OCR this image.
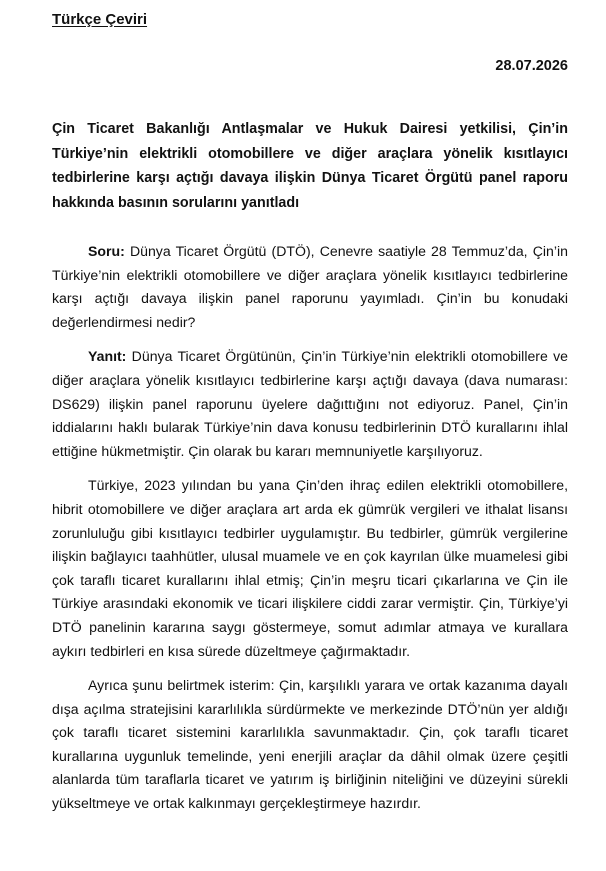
Türkçe Çeviri
28.07.2026
Çin Ticaret Bakanlığı Antlaşmalar ve Hukuk Dairesi yetkilisi, Çin’in Türkiye’nin elektrikli otomobillere ve diğer araçlara yönelik kısıtlayıcı tedbirlerine karşı açtığı davaya ilişkin Dünya Ticaret Örgütü panel raporu hakkında basının sorularını yanıtladı

Soru: Dünya Ticaret Örgütü (DTÖ), Cenevre saatiyle 28 Temmuz’da, Çin’in Türkiye’nin elektrikli otomobillere ve diğer araçlara yönelik kısıtlayıcı tedbirlerine karşı açtığı davaya ilişkin panel raporunu yayımladı. Çin’in bu konudaki değerlendirmesi nedir?

Yanıt: Dünya Ticaret Örgütünün, Çin’in Türkiye’nin elektrikli otomobillere ve diğer araçlara yönelik kısıtlayıcı tedbirlerine karşı açtığı davaya (dava numarası: DS629) ilişkin panel raporunu üyelere dağıttığını not ediyoruz. Panel, Çin’in iddialarını haklı bularak Türkiye’nin dava konusu tedbirlerinin DTÖ kurallarını ihlal ettiğine hükmetmiştir. Çin olarak bu kararı memnuniyetle karşılıyoruz.

Türkiye, 2023 yılından bu yana Çin’den ihraç edilen elektrikli otomobillere, hibrit otomobillere ve diğer araçlara art arda ek gümrük vergileri ve ithalat lisansı zorunluluğu gibi kısıtlayıcı tedbirler uygulamıştır. Bu tedbirler, gümrük vergilerine ilişkin bağlayıcı taahhütler, ulusal muamele ve en çok kayrılan ülke muamelesi gibi çok taraflı ticaret kurallarını ihlal etmiş; Çin’in meşru ticari çıkarlarına ve Çin ile Türkiye arasındaki ekonomik ve ticari ilişkilere ciddi zarar vermiştir. Çin, Türkiye’yi DTÖ panelinin kararına saygı göstermeye, somut adımlar atmaya ve kurallara aykırı tedbirleri en kısa sürede düzeltmeye çağırmaktadır.

Ayrıca şunu belirtmek isterim: Çin, karşılıklı yarara ve ortak kazanıma dayalı dışa açılma stratejisini kararlılıkla sürdürmekte ve merkezinde DTÖ’nün yer aldığı çok taraflı ticaret sistemini kararlılıkla savunmaktadır. Çin, çok taraflı ticaret kurallarına uygunluk temelinde, yeni enerjili araçlar da dâhil olmak üzere çeşitli alanlarda tüm taraflarla ticaret ve yatırım iş birliğinin niteliğini ve düzeyini sürekli yükseltmeye ve ortak kalkınmayı gerçekleştirmeye hazırdır.
